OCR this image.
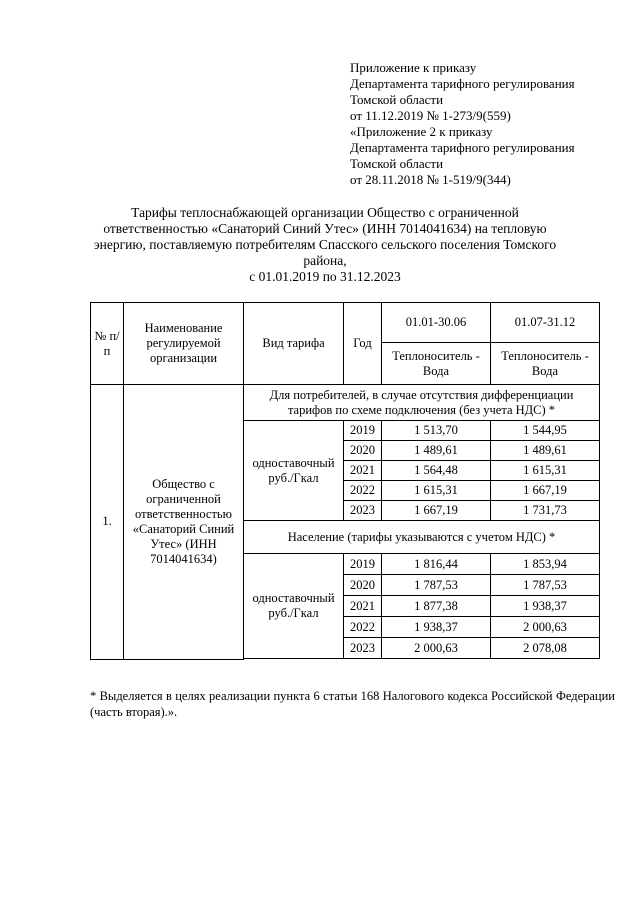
Приложение к приказу
Департамента тарифного регулирования
Томской области
от 11.12.2019 № 1-273/9(559)
«Приложение 2 к приказу
Департамента тарифного регулирования
Томской области
от 28.11.2018 № 1-519/9(344)
Тарифы теплоснабжающей организации Общество с ограниченной ответственностью «Санаторий Синий Утес» (ИНН 7014041634) на тепловую энергию, поставляемую потребителям Спасского сельского поселения Томского района,
с 01.01.2019 по 31.12.2023
№ п/п	Наименование регулируемой организации	Вид тарифа	Год	01.01-30.06	01.07-31.12
				Теплоноситель - Вода	Теплоноситель - Вода
1.	Общество с ограниченной ответственностью «Санаторий Синий Утес» (ИНН 7014041634)	Для потребителей, в случае отсутствия дифференциации тарифов по схеме подключения (без учета НДС) *			
		одноставочный руб./Гкал	2019	1 513,70	1 544,95
			2020	1 489,61	1 489,61
			2021	1 564,48	1 615,31
			2022	1 615,31	1 667,19
			2023	1 667,19	1 731,73
		Население (тарифы указываются с учетом НДС) *			
		одноставочный руб./Гкал	2019	1 816,44	1 853,94
			2020	1 787,53	1 787,53
			2021	1 877,38	1 938,37
			2022	1 938,37	2 000,63
			2023	2 000,63	2 078,08

* Выделяется в целях реализации пункта 6 статьи 168 Налогового кодекса Российской Федерации (часть вторая).».
